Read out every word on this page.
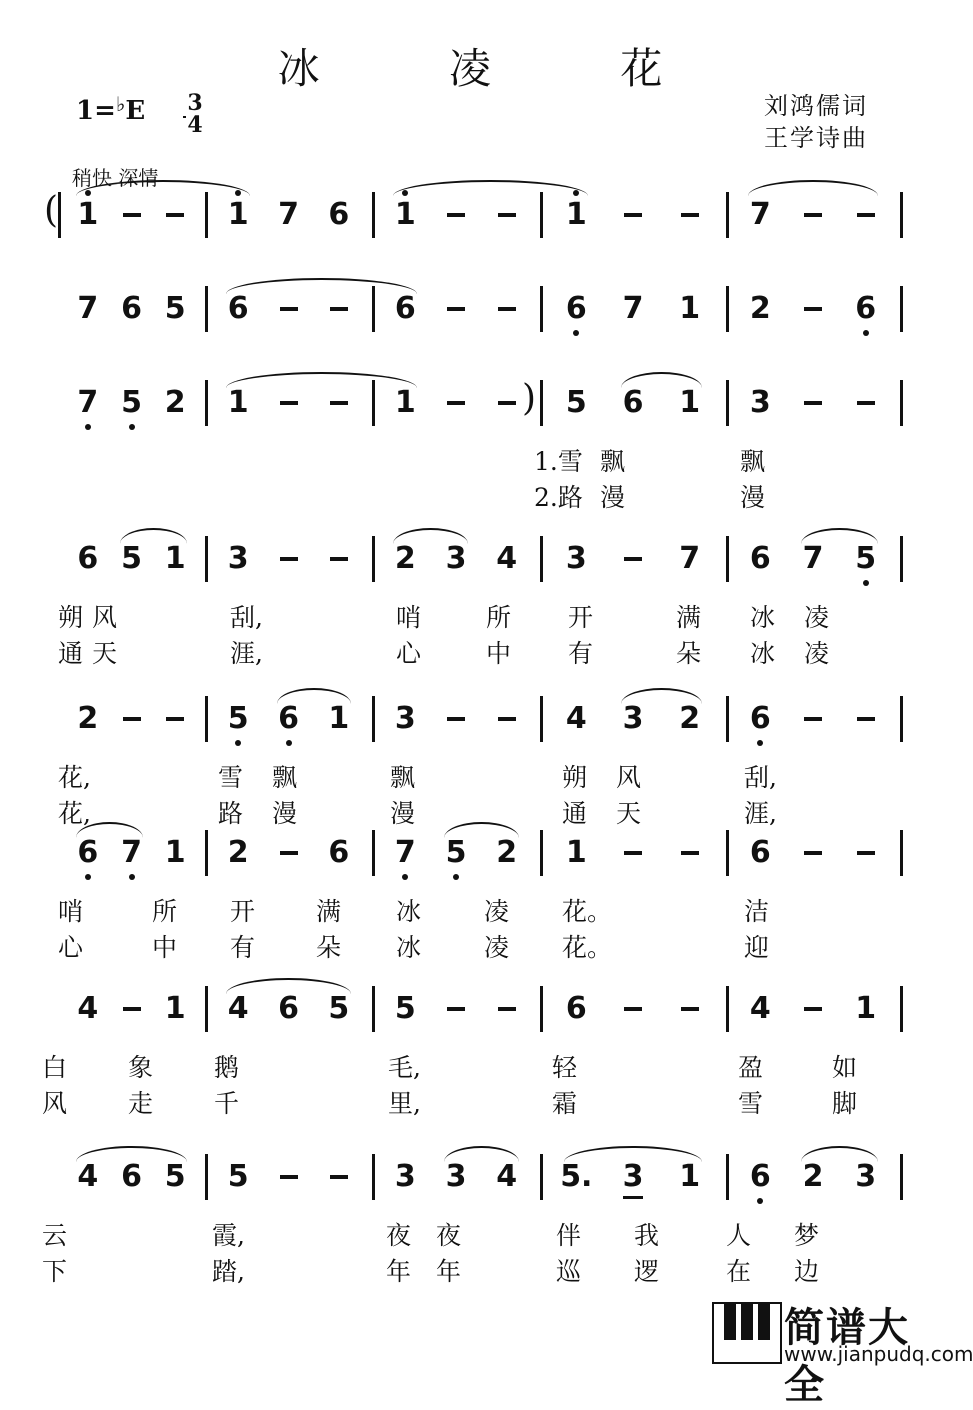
冰 凌 花
1=♭E 3
4
刘鸿儒词
王学诗曲
稍快 深情
1	1 7 6 1	1	7
(
7 6 5 6	6	6 7 1 2	6
7 5 2 1	1	5 6 1 3
1.雪 飘	飘
2.路 漫	漫
)
6 5 1 3	2 3 4 3	7 6 7 5
朔 风	刮,	哨	所 开	满 冰 凌
通 天	涯,	心	中 有	朵 冰 凌
2	5 6 1 3	4 3 2 6
花,	雪 飘	飘	朔 风	刮,
花,	路 漫	漫	通 天	涯,
6 7 1 2	6 7 5 2 1	6
哨	所 开 满 冰	凌 花。	洁
心	中 有 朵 冰	凌 花。	迎
4 1 4 6 5 5	6	4	1
白 象 鹅	毛,	轻	盈	如
风 走 千	里,	霜	雪	脚
4 6 5 5	3 3 4 5. 3 1 6 2 3
云	霞,	夜 夜	伴 我	人 梦
下	踏,	年 年	巡 逻	在 边
简谱大全
www.jianpudq.com
